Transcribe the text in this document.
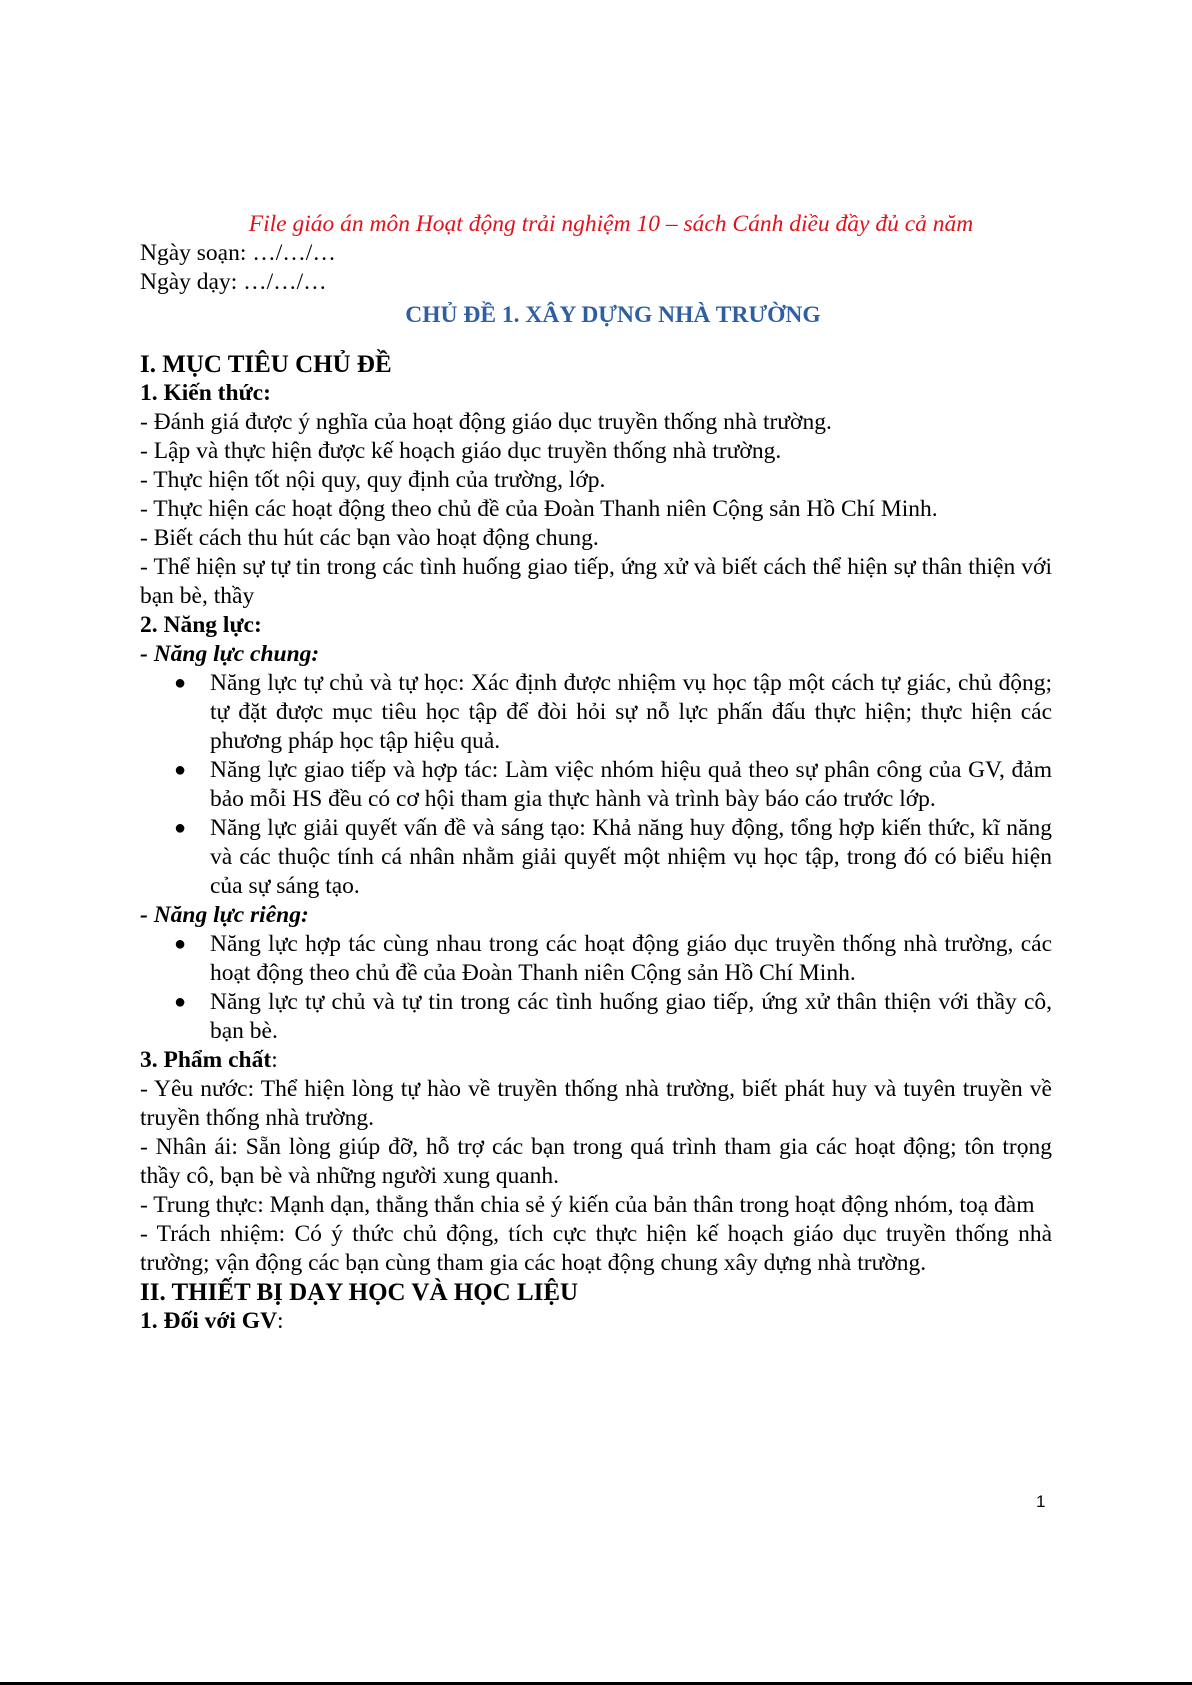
File giáo án môn Hoạt động trải nghiệm 10 – sách Cánh diều đầy đủ cả năm

Ngày soạn: …/…/…

Ngày dạy: …/…/…

CHỦ ĐỀ 1. XÂY DỰNG NHÀ TRƯỜNG

I. MỤC TIÊU CHỦ ĐỀ

1. Kiến thức:

- Đánh giá được ý nghĩa của hoạt động giáo dục truyền thống nhà trường.

- Lập và thực hiện được kế hoạch giáo dục truyền thống nhà trường.

- Thực hiện tốt nội quy, quy định của trường, lớp.

- Thực hiện các hoạt động theo chủ đề của Đoàn Thanh niên Cộng sản Hồ Chí Minh.

- Biết cách thu hút các bạn vào hoạt động chung.

- Thể hiện sự tự tin trong các tình huống giao tiếp, ứng xử và biết cách thể hiện sự thân thiện với bạn bè, thầy

2. Năng lực:

- Năng lực chung:

● Năng lực tự chủ và tự học: Xác định được nhiệm vụ học tập một cách tự giác, chủ động; tự đặt được mục tiêu học tập để đòi hỏi sự nỗ lực phấn đấu thực hiện; thực hiện các phương pháp học tập hiệu quả.
● Năng lực giao tiếp và hợp tác: Làm việc nhóm hiệu quả theo sự phân công của GV, đảm bảo mỗi HS đều có cơ hội tham gia thực hành và trình bày báo cáo trước lớp.
● Năng lực giải quyết vấn đề và sáng tạo: Khả năng huy động, tổng hợp kiến thức, kĩ năng và các thuộc tính cá nhân nhằm giải quyết một nhiệm vụ học tập, trong đó có biểu hiện của sự sáng tạo.

- Năng lực riêng:

● Năng lực hợp tác cùng nhau trong các hoạt động giáo dục truyền thống nhà trường, các hoạt động theo chủ đề của Đoàn Thanh niên Cộng sản Hồ Chí Minh.
● Năng lực tự chủ và tự tin trong các tình huống giao tiếp, ứng xử thân thiện với thầy cô, bạn bè.

3. Phẩm chất:

- Yêu nước: Thể hiện lòng tự hào về truyền thống nhà trường, biết phát huy và tuyên truyền về truyền thống nhà trường.

- Nhân ái: Sẵn lòng giúp đỡ, hỗ trợ các bạn trong quá trình tham gia các hoạt động; tôn trọng thầy cô, bạn bè và những người xung quanh.

- Trung thực: Mạnh dạn, thẳng thắn chia sẻ ý kiến của bản thân trong hoạt động nhóm, toạ đàm

- Trách nhiệm: Có ý thức chủ động, tích cực thực hiện kế hoạch giáo dục truyền thống nhà trường; vận động các bạn cùng tham gia các hoạt động chung xây dựng nhà trường.

II. THIẾT BỊ DẠY HỌC VÀ HỌC LIỆU

1. Đối với GV:

1
